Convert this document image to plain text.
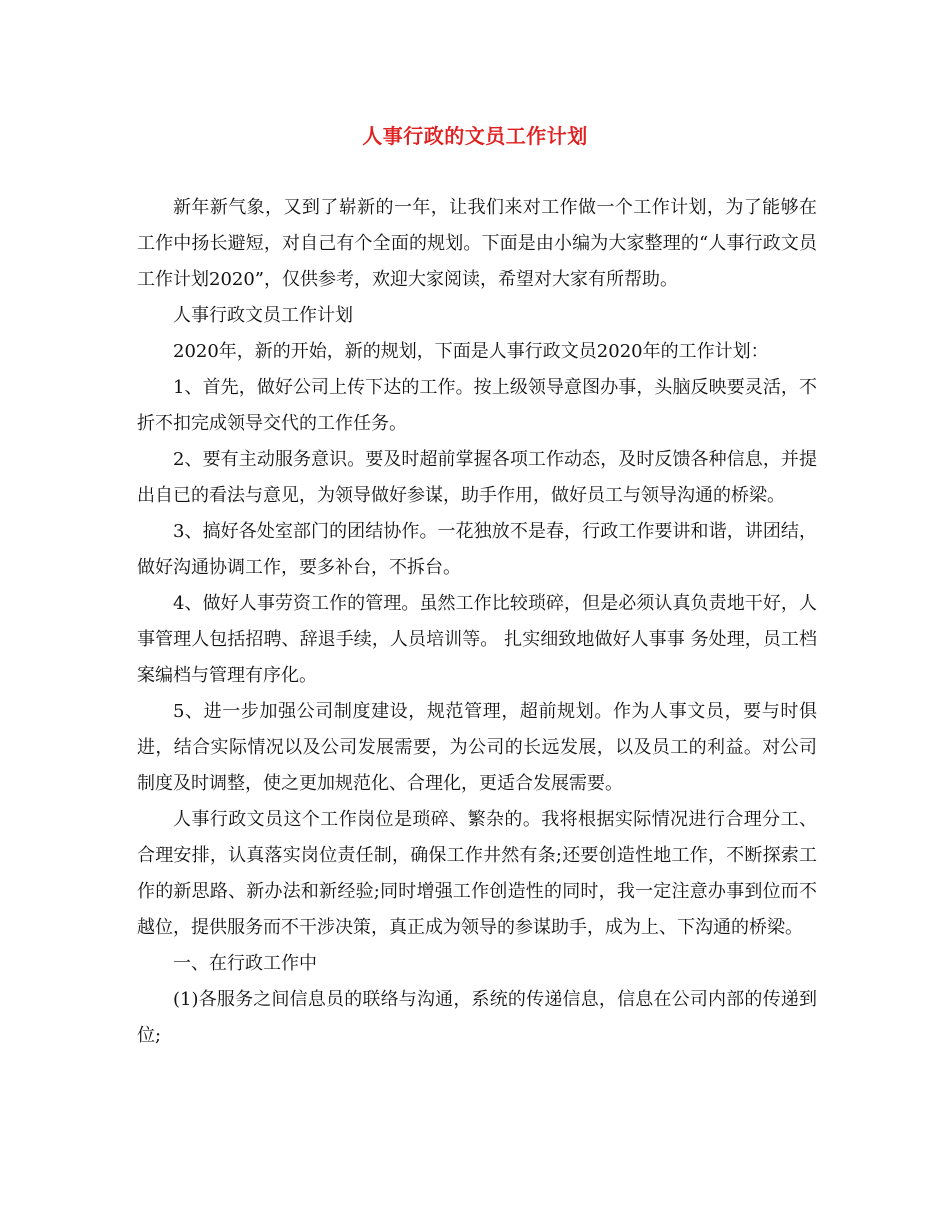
人事行政的文员工作计划

新年新气象，又到了崭新的一年，让我们来对工作做一个工作计划，为了能够在工作中扬长避短，对自己有个全面的规划。下面是由小编为大家整理的“人事行政文员工作计划2020”，仅供参考，欢迎大家阅读，希望对大家有所帮助。

人事行政文员工作计划

2020年，新的开始，新的规划，下面是人事行政文员2020年的工作计划：

1、首先，做好公司上传下达的工作。按上级领导意图办事，头脑反映要灵活，不折不扣完成领导交代的工作任务。

2、要有主动服务意识。要及时超前掌握各项工作动态，及时反馈各种信息，并提出自已的看法与意见，为领导做好参谋，助手作用，做好员工与领导沟通的桥梁。

3、搞好各处室部门的团结协作。一花独放不是春，行政工作要讲和谐，讲团结，做好沟通协调工作，要多补台，不拆台。

4、做好人事劳资工作的管理。虽然工作比较琐碎，但是必须认真负责地干好，人事管理人包括招聘、辞退手续，人员培训等。 扎实细致地做好人事事 务处理，员工档案编档与管理有序化。

5、进一步加强公司制度建设，规范管理，超前规划。作为人事文员，要与时俱进，结合实际情况以及公司发展需要，为公司的长远发展，以及员工的利益。对公司制度及时调整，使之更加规范化、合理化，更适合发展需要。

人事行政文员这个工作岗位是琐碎、繁杂的。我将根据实际情况进行合理分工、合理安排，认真落实岗位责任制，确保工作井然有条;还要创造性地工作，不断探索工作的新思路、新办法和新经验;同时增强工作创造性的同时，我一定注意办事到位而不越位，提供服务而不干涉决策，真正成为领导的参谋助手，成为上、下沟通的桥梁。

一、在行政工作中

(1)各服务之间信息员的联络与沟通，系统的传递信息，信息在公司内部的传递到位;
